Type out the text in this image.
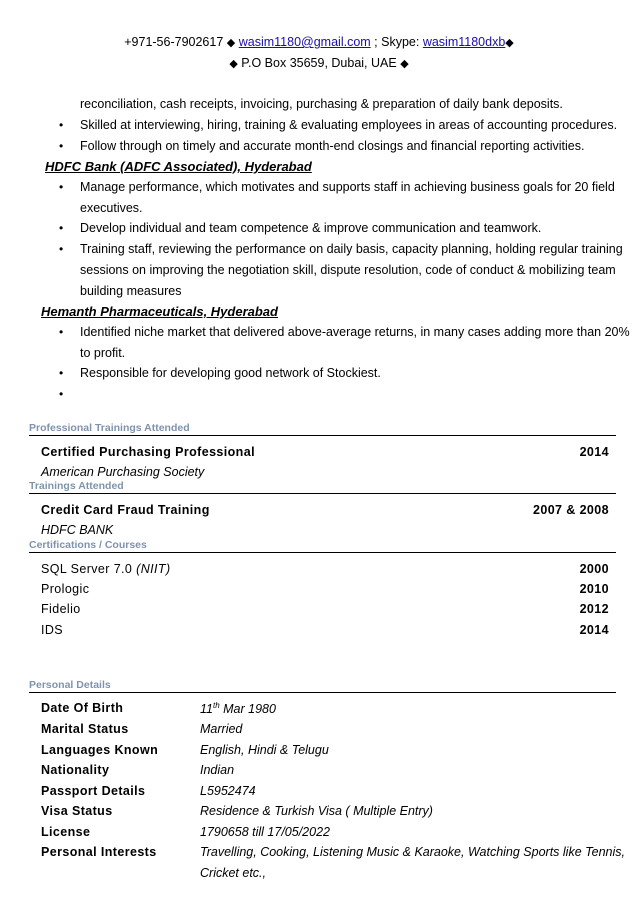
+971-56-7902617 ◆ wasim1180@gmail.com ; Skype: wasim1180dxb◆
◆ P.O Box 35659, Dubai, UAE ◆
reconciliation, cash receipts, invoicing, purchasing & preparation of daily bank deposits.
• Skilled at interviewing, hiring, training & evaluating employees in areas of accounting procedures.
• Follow through on timely and accurate month-end closings and financial reporting activities.
HDFC Bank (ADFC Associated), Hyderabad
• Manage performance, which motivates and supports staff in achieving business goals for 20 field
executives.
• Develop individual and team competence & improve communication and teamwork.
• Training staff, reviewing the performance on daily basis, capacity planning, holding regular training
sessions on improving the negotiation skill, dispute resolution, code of conduct & mobilizing team
building measures
Hemanth Pharmaceuticals, Hyderabad
• Identified niche market that delivered above-average returns, in many cases adding more than 20%
to profit.
• Responsible for developing good network of Stockiest.
•
Professional Trainings Attended
Certified Purchasing Professional	2014
American Purchasing Society
Trainings Attended
Credit Card Fraud Training	2007 & 2008
HDFC BANK
Certifications / Courses
SQL Server 7.0 (NIIT)	2000
Prologic	2010
Fidelio	2012
IDS	2014
Personal Details
Date Of Birth	11th Mar 1980
Marital Status	Married
Languages Known	English, Hindi & Telugu
Nationality	Indian
Passport Details	L5952474
Visa Status	Residence & Turkish Visa ( Multiple Entry)
License	1790658 till 17/05/2022
Personal Interests	Travelling, Cooking, Listening Music & Karaoke, Watching Sports like Tennis,
Cricket etc.,
